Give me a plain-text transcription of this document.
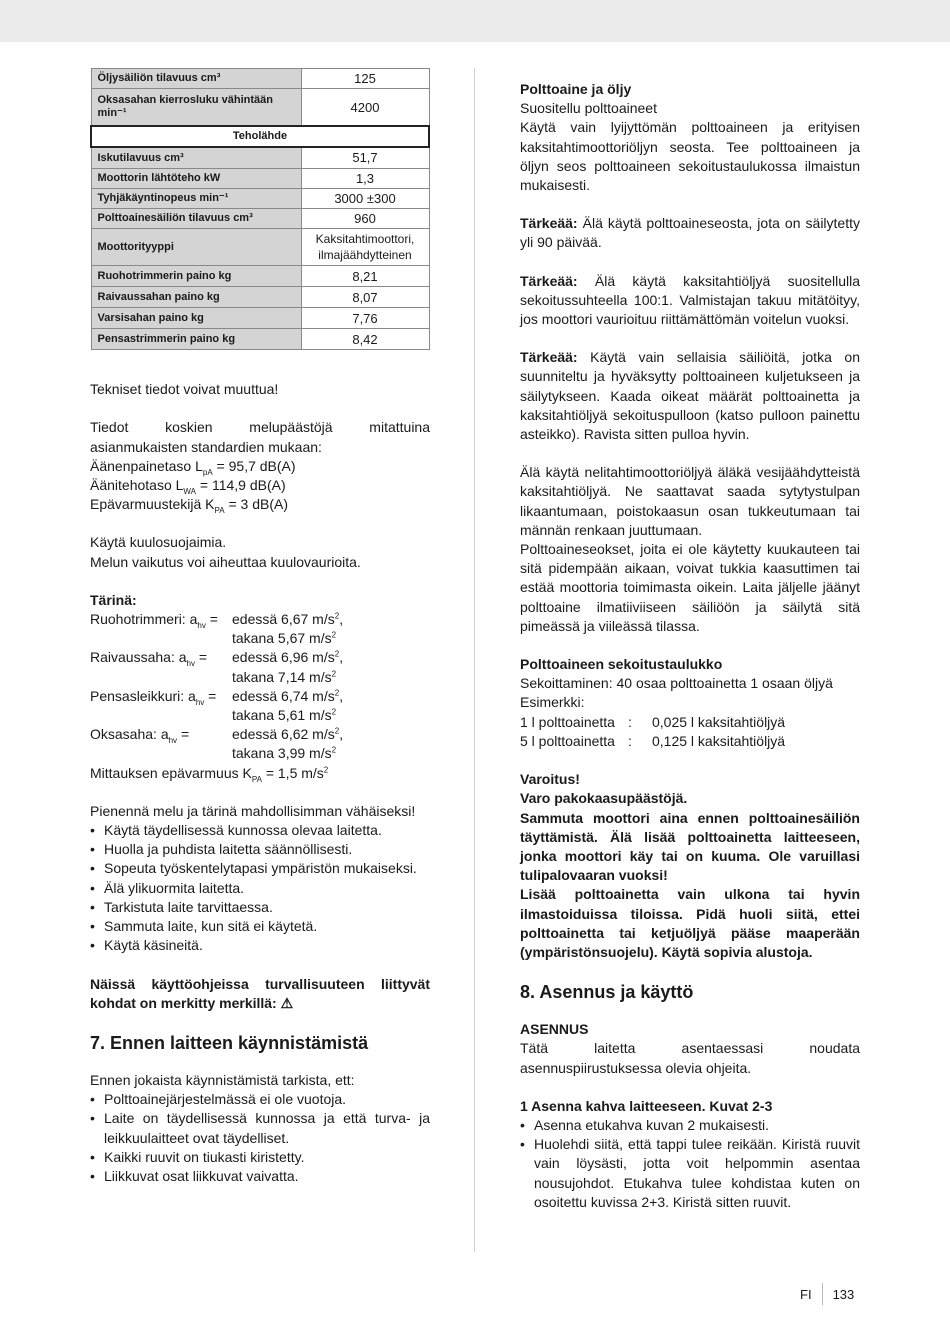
Öljysäiliön tilavuus cm³	125
Oksasahan kierrosluku vähintään min⁻¹	4200
Teholähde	
Iskutilavuus cm³	51,7
Moottorin lähtöteho kW	1,3
Tyhjäkäyntinopeus min⁻¹	3000 ±300
Polttoainesäiliön tilavuus cm³	960
Moottorityyppi	Kaksitahtimoottori, ilmajäähdytteinen
Ruohotrimmerin paino kg	8,21
Raivaussahan paino kg	8,07
Varsisahan paino kg	7,76
Pensastrimmerin paino kg	8,42

Tekniset tiedot voivat muuttua!

Tiedot koskien melupäästöjä mitattuina asianmukaisten standardien mukaan:

Äänenpainetaso $L_{pA} = 95,7$ dB(A)

Äänitehotaso $L_{WA} = 114,9$ dB(A)

Epävarmuustekijä $K_{PA} = 3$ dB(A)

Käytä kuulosuojaimia.

Melun vaikutus voi aiheuttaa kuulovaurioita.

Tärinä:

Ruohotrimmeri: $a_{hv}$ =	edessä 6,67 $m/s^2$,
takana 5,67 $m/s^2$
Raivaussaha: $a_{hv}$ =	edessä 6,96 $m/s^2$,
takana 7,14 $m/s^2$
Pensasleikkuri: $a_{hv}$ =	edessä 6,74 $m/s^2$,
takana 5,61 $m/s^2$
Oksasaha: $a_{hv}$ =	edessä 6,62 $m/s^2$,
takana 3,99 $m/s^2$

Mittauksen epävarmuus $K_{PA} = 1,5$ $m/s^2$

Pienennä melu ja tärinä mahdollisimman vähäiseksi!

• Käytä täydellisessä kunnossa olevaa laitetta.
• Huolla ja puhdista laitetta säännöllisesti.
• Sopeuta työskentelytapasi ympäristön mukaiseksi.
• Älä ylikuormita laitetta.
• Tarkistuta laite tarvittaessa.
• Sammuta laite, kun sitä ei käytetä.
• Käytä käsineitä.

Näissä käyttöohjeissa turvallisuuteen liittyvät kohdat on merkitty merkillä: ⚠

7. Ennen laitteen käynnistämistä

Ennen jokaista käynnistämistä tarkista, ett:

• Polttoainejärjestelmässä ei ole vuotoja.
• Laite on täydellisessä kunnossa ja että turva- ja leikkuulaitteet ovat täydelliset.
• Kaikki ruuvit on tiukasti kiristetty.
• Liikkuvat osat liikkuvat vaivatta.

Polttoaine ja öljy

Suositellu polttoaineet

Käytä vain lyijyttömän polttoaineen ja erityisen kaksitahtimoottoriöljyn seosta. Tee polttoaineen ja öljyn seos polttoaineen sekoitustaulukossa ilmaistun mukaisesti.

Tärkeää: Älä käytä polttoaineseosta, jota on säilytetty yli 90 päivää.

Tärkeää: Älä käytä kaksitahtiöljyä suositellulla sekoitussuhteella 100:1. Valmistajan takuu mitätöityy, jos moottori vaurioituu riittämättömän voitelun vuoksi.

Tärkeää: Käytä vain sellaisia säiliöitä, jotka on suunniteltu ja hyväksytty polttoaineen kuljetukseen ja säilytykseen. Kaada oikeat määrät polttoainetta ja kaksitahtiöljyä sekoituspulloon (katso pulloon painettu asteikko). Ravista sitten pulloa hyvin.

Älä käytä nelitahtimoottoriöljyä äläkä vesijäähdytteistä kaksitahtiöljyä. Ne saattavat saada sytytystulpan likaantumaan, poistokaasun osan tukkeutumaan tai männän renkaan juuttumaan.

Polttoaineseokset, joita ei ole käytetty kuukauteen tai sitä pidempään aikaan, voivat tukkia kaasuttimen tai estää moottoria toimimasta oikein. Laita jäljelle jäänyt polttoaine ilmatiiviiseen säiliöön ja säilytä sitä pimeässä ja viileässä tilassa.

Polttoaineen sekoitustaulukko

Sekoittaminen: 40 osaa polttoainetta 1 osaan öljyä

Esimerkki:

1 l polttoainetta :	0,025 l kaksitahtiöljyä
5 l polttoainetta :	0,125 l kaksitahtiöljyä

Varoitus!

Varo pakokaasupäästöjä.

Sammuta moottori aina ennen polttoainesäiliön täyttämistä. Älä lisää polttoainetta laitteeseen, jonka moottori käy tai on kuuma. Ole varuillasi tulipalovaaran vuoksi!

Lisää polttoainetta vain ulkona tai hyvin ilmastoiduissa tiloissa. Pidä huoli siitä, ettei polttoainetta tai ketjuöljyä pääse maaperään (ympäristönsuojelu). Käytä sopivia alustoja.

8. Asennus ja käyttö

ASENNUS

Tätä laitetta asentaessasi noudata asennuspiirustuksessa olevia ohjeita.

1 Asenna kahva laitteeseen. Kuvat 2-3

• Asenna etukahva kuvan 2 mukaisesti.
• Huolehdi siitä, että tappi tulee reikään. Kiristä ruuvit vain löysästi, jotta voit helpommin asentaa nousujohdot. Etukahva tulee kohdistaa kuten on osoitettu kuvissa 2+3. Kiristä sitten ruuvit.
FI 133
